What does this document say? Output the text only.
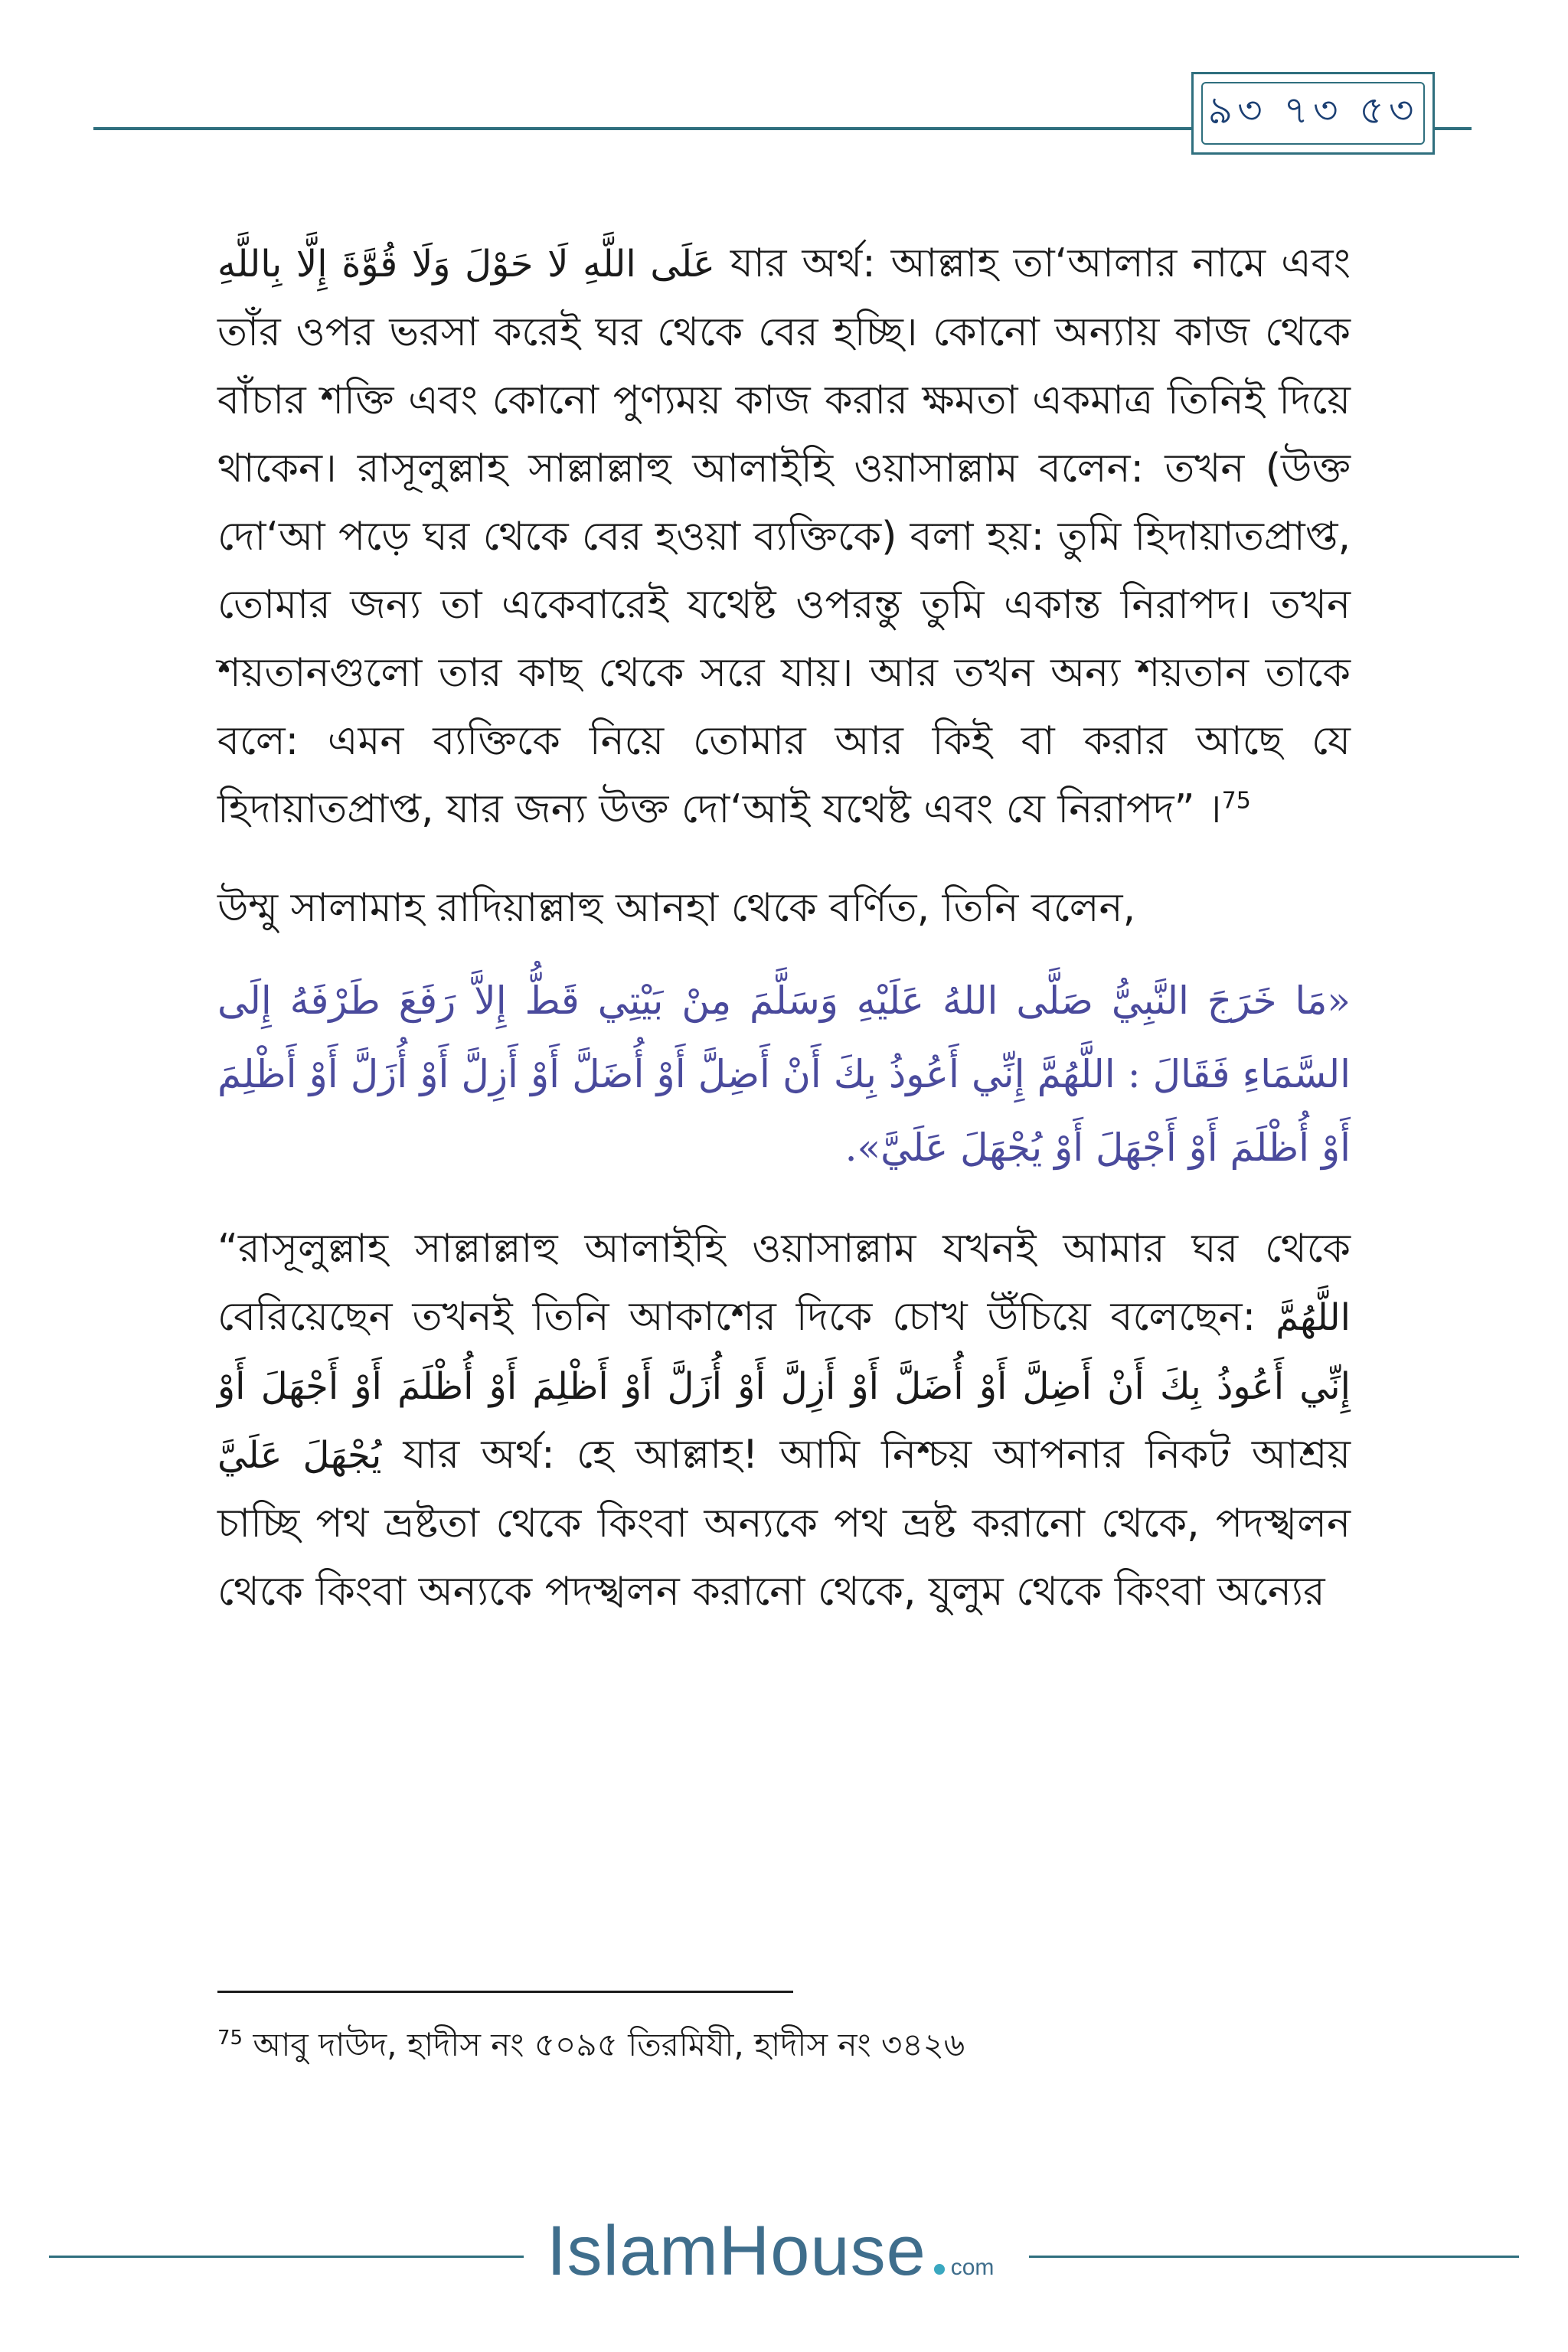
৯৩ ৭৩ ৫৩

عَلَى اللَّهِ لَا حَوْلَ وَلَا قُوَّةَ إِلَّا بِاللَّهِ যার অর্থ: আল্লাহ তা‘আলার নামে এবং তাঁর ওপর ভরসা করেই ঘর থেকে বের হচ্ছি। কোনো অন্যায় কাজ থেকে বাঁচার শক্তি এবং কোনো পুণ্যময় কাজ করার ক্ষমতা একমাত্র তিনিই দিয়ে থাকেন। রাসূলুল্লাহ সাল্লাল্লাহু আলাইহি ওয়াসাল্লাম বলেন: তখন (উক্ত দো‘আ পড়ে ঘর থেকে বের হওয়া ব্যক্তিকে) বলা হয়: তুমি হিদায়াতপ্রাপ্ত, তোমার জন্য তা একেবারেই যথেষ্ট ওপরন্তু তুমি একান্ত নিরাপদ। তখন শয়তানগুলো তার কাছ থেকে সরে যায়। আর তখন অন্য শয়তান তাকে বলে: এমন ব্যক্তিকে নিয়ে তোমার আর কিই বা করার আছে যে হিদায়াতপ্রাপ্ত, যার জন্য উক্ত দো‘আই যথেষ্ট এবং যে নিরাপদ” ।$^{75}$

উম্মু সালামাহ রাদিয়াল্লাহু আনহা থেকে বর্ণিত, তিনি বলেন,

«مَا خَرَجَ النَّبِيُّ صَلَّى اللهُ عَلَيْهِ وَسَلَّمَ مِنْ بَيْتِي قَطُّ إِلاَّ رَفَعَ طَرْفَهُ إِلَى السَّمَاءِ فَقَالَ : اللَّهُمَّ إِنِّي أَعُوذُ بِكَ أَنْ أَضِلَّ أَوْ أُضَلَّ أَوْ أَزِلَّ أَوْ أُزَلَّ أَوْ أَظْلِمَ أَوْ أُظْلَمَ أَوْ أَجْهَلَ أَوْ يُجْهَلَ عَلَيَّ».

“রাসূলুল্লাহ সাল্লাল্লাহু আলাইহি ওয়াসাল্লাম যখনই আমার ঘর থেকে বেরিয়েছেন তখনই তিনি আকাশের দিকে চোখ উঁচিয়ে বলেছেন: اللَّهُمَّ إِنِّي أَعُوذُ بِكَ أَنْ أَضِلَّ أَوْ أُضَلَّ أَوْ أَزِلَّ أَوْ أُزَلَّ أَوْ أَظْلِمَ أَوْ أُظْلَمَ أَوْ أَجْهَلَ أَوْ يُجْهَلَ عَلَيَّ যার অর্থ: হে আল্লাহ! আমি নিশ্চয় আপনার নিকট আশ্রয় চাচ্ছি পথ ভ্রষ্টতা থেকে কিংবা অন্যকে পথ ভ্রষ্ট করানো থেকে, পদস্খলন থেকে কিংবা অন্যকে পদস্খলন করানো থেকে, যুলুম থেকে কিংবা অন্যের

$^{75}$ আবু দাউদ, হাদীস নং ৫০৯৫ তিরমিযী, হাদীস নং ৩৪২৬
IslamHouse com
